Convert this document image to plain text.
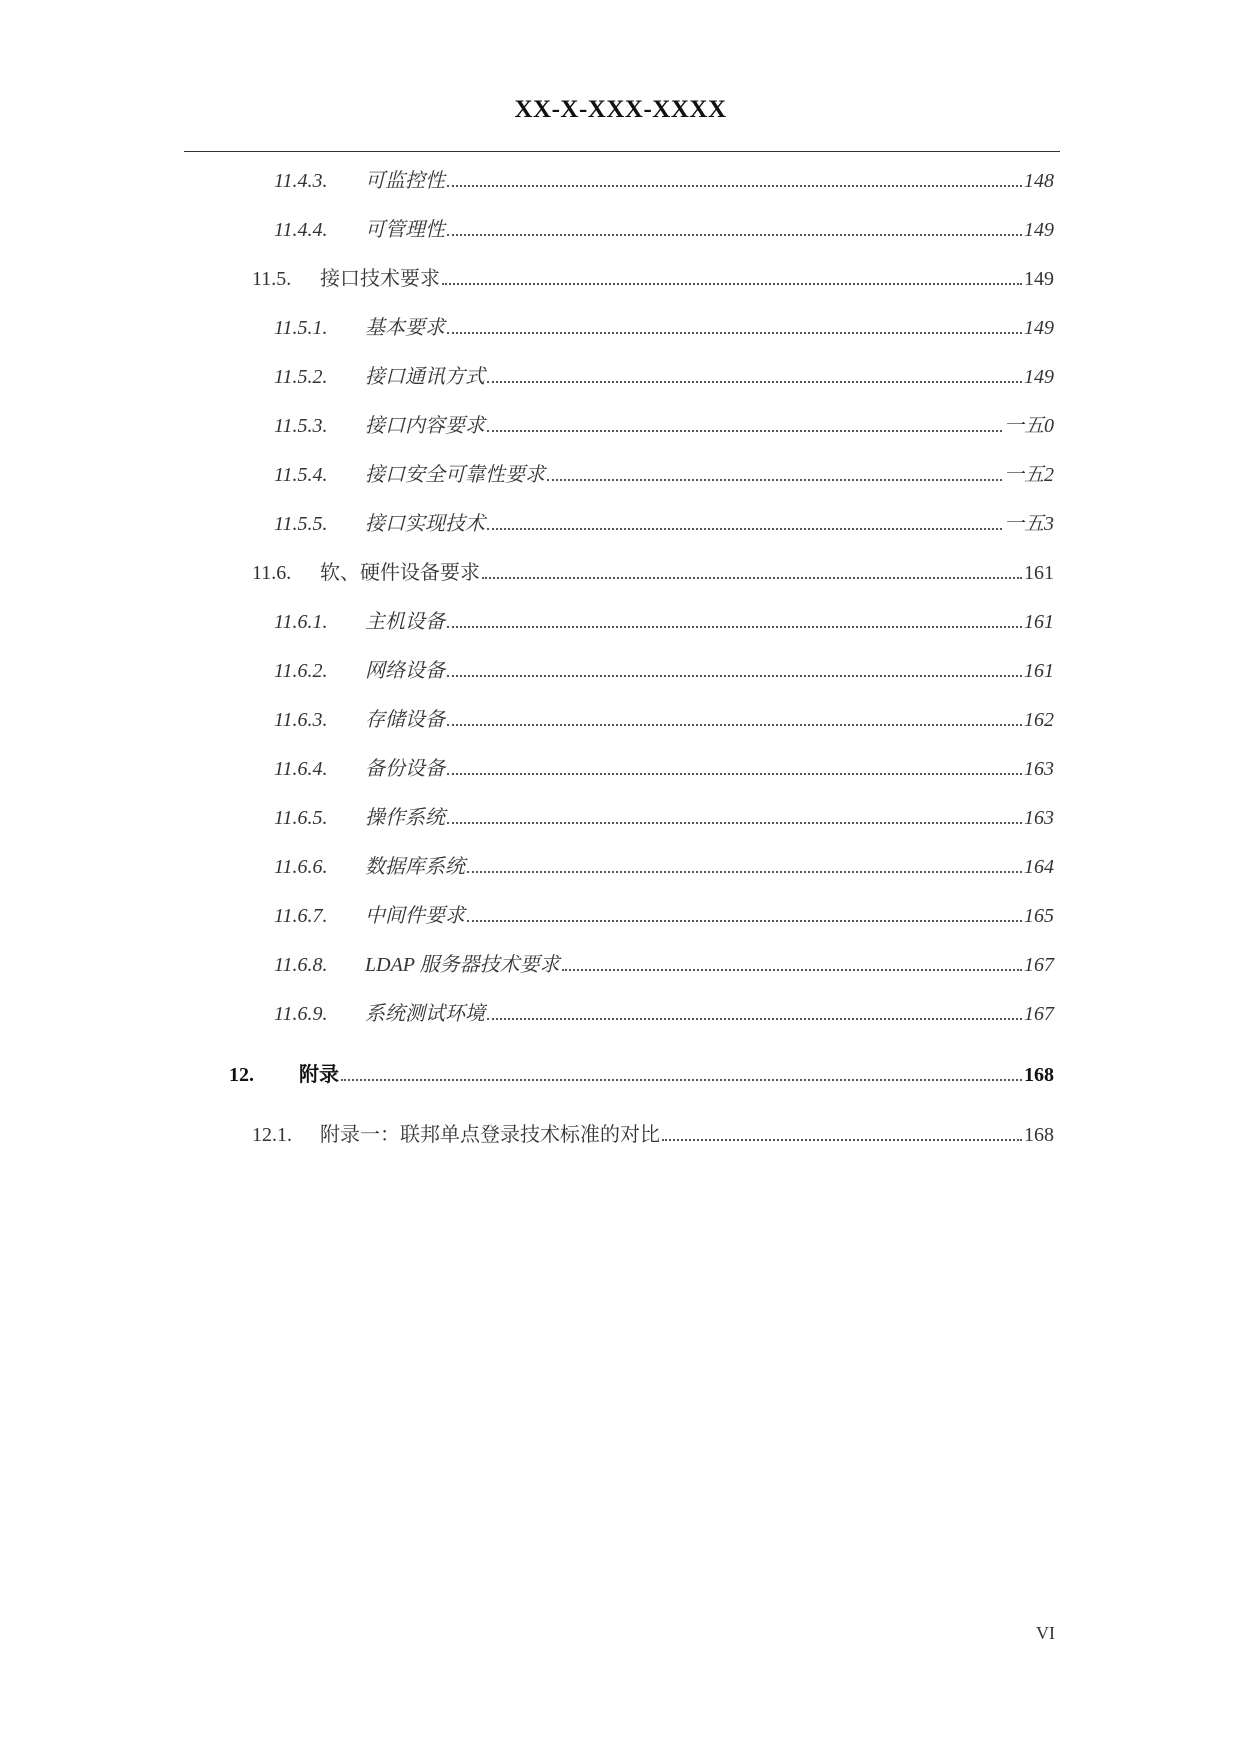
XX-X-XXX-XXXX
11.4.3.	可监控性	148
11.4.4.	可管理性	149
11.5.	接口技术要求	149
11.5.1.	基本要求	149
11.5.2.	接口通讯方式	149
11.5.3.	接口内容要求	一五0
11.5.4.	接口安全可靠性要求	一五2
11.5.5.	接口实现技术	一五3
11.6.	软、硬件设备要求	161
11.6.1.	主机设备	161
11.6.2.	网络设备	161
11.6.3.	存储设备	162
11.6.4.	备份设备	163
11.6.5.	操作系统	163
11.6.6.	数据库系统	164
11.6.7.	中间件要求	165
11.6.8.	LDAP 服务器技术要求	167
11.6.9.	系统测试环境	167
12.	附录	168
12.1.	附录一：联邦单点登录技术标准的对比	168
VI
